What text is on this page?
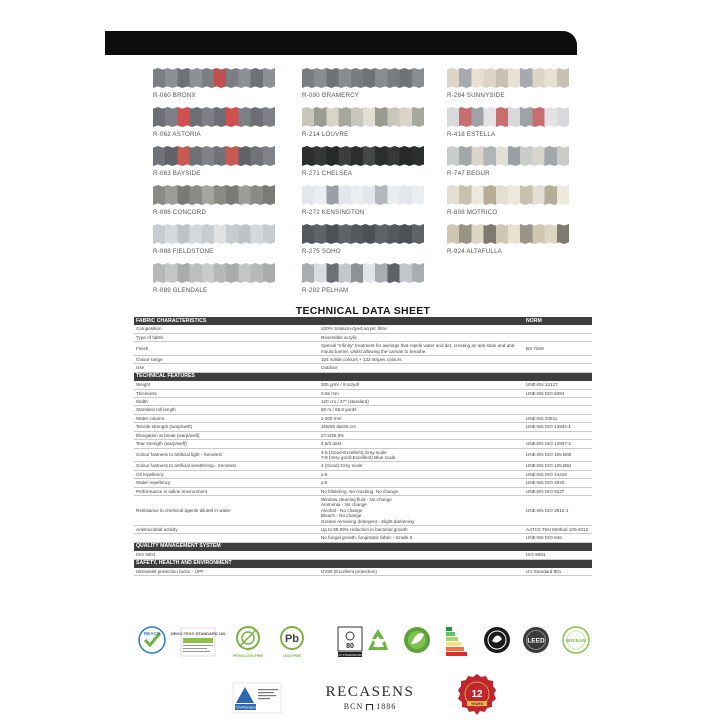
R-060 BRONX
R-062 ASTORIA
R-063 BAYSIDE
R-086 CONCORD
R-088 FIELDSTONE
R-089 GLENDALE
R-090 GRAMERCY
R-214 LOUVRE
R-271 CHELSEA
R-272 KENSINGTON
R-275 SOHO
R-282 PELHAM
R-284 SUNNYSIDE
R-418 ESTELLA
R-747 BEGUR
R-808 MOTRICO
R-924 ALTAFULLA
TECHNICAL DATA SHEET
FABRIC CHARACTERISTICS		NORM
Composition	100% Solution-dyed acrylic fibre	
Type of fabric	Reversible acrylic	
Finish	Special "Infinity" treatment for awnings that repels water and dirt, creating an anti-stain and anti-mould barrier, whilst allowing the canvas to breathe.	BS 7209
Colour range	104 solids colours + 132 stripes colours	
Use	Outdoor	
TECHNICAL FEATURES		
Weight	305 g/m² / 9 oz/yd²	UNE-EN 12127
Thickness	0.55 mm	UNE-EN ISO 5084
Width	120 cm / 47" (standard)	
Standard roll length	60 m / 65.6 yards	
Water column	≥ 300 mm	UNE-EN 20811
Tensile strength (warp/weft)	165/85 daN/5 cm	UNE-EN ISO 13934-1
Elongation at break (warp/weft)	27,5/25,9%	
Tear strength (warp/weft)	4,5/3 daN	UNE-EN ISO 13937-2
Colour fastness to artificial light - Xenotest	4-5 (Good-Excellent) Grey scale
7-8 (Very good-Excellent) Blue scale	UNE-EN ISO 105 B02
Colour fastness to artificial weathering - Xenotest	4 (Good) Grey scale	UNE-EN ISO 105 B04
Oil repellency	≥ 5	UNE-EN ISO 14419
Water repellency	≥ 5	UNE-EN ISO 4920
Performance in saline environment	No blistering. No cracking. No change	UNE-EN ISO 9227
Resistance to chemical agents diluted in water	Window cleaning fluid - No change
Ammonia - No change
Alcohol - No change
Bleach - No change
Grease removing detergent - Slight darkening	UNE-EN ISO 2812-1
Antimicrobial activity	Up to 99,99% reduction in bacterial growth	AATCC Test Method 100-2012
	No fungal growth, fungistatic fabric - Grade 0	UNE-EN ISO 846
QUALITY MANAGEMENT SYSTEM		
ISO 9001		ISO 9001
SAFETY, HEALTH AND ENVIRONMENT		
Ultraviolet protection factor - UPF	UV80 (Excellent protection)	UV Standard 801
REACH	OEKO-TEX® STANDARD 100
PHTHALATES FREE
Pb
LEAD FREE
80
UV STANDARD 801
LEED	BREEAM
TÜVRheinland
RECASENS
BCN 1886
12
YEARS
